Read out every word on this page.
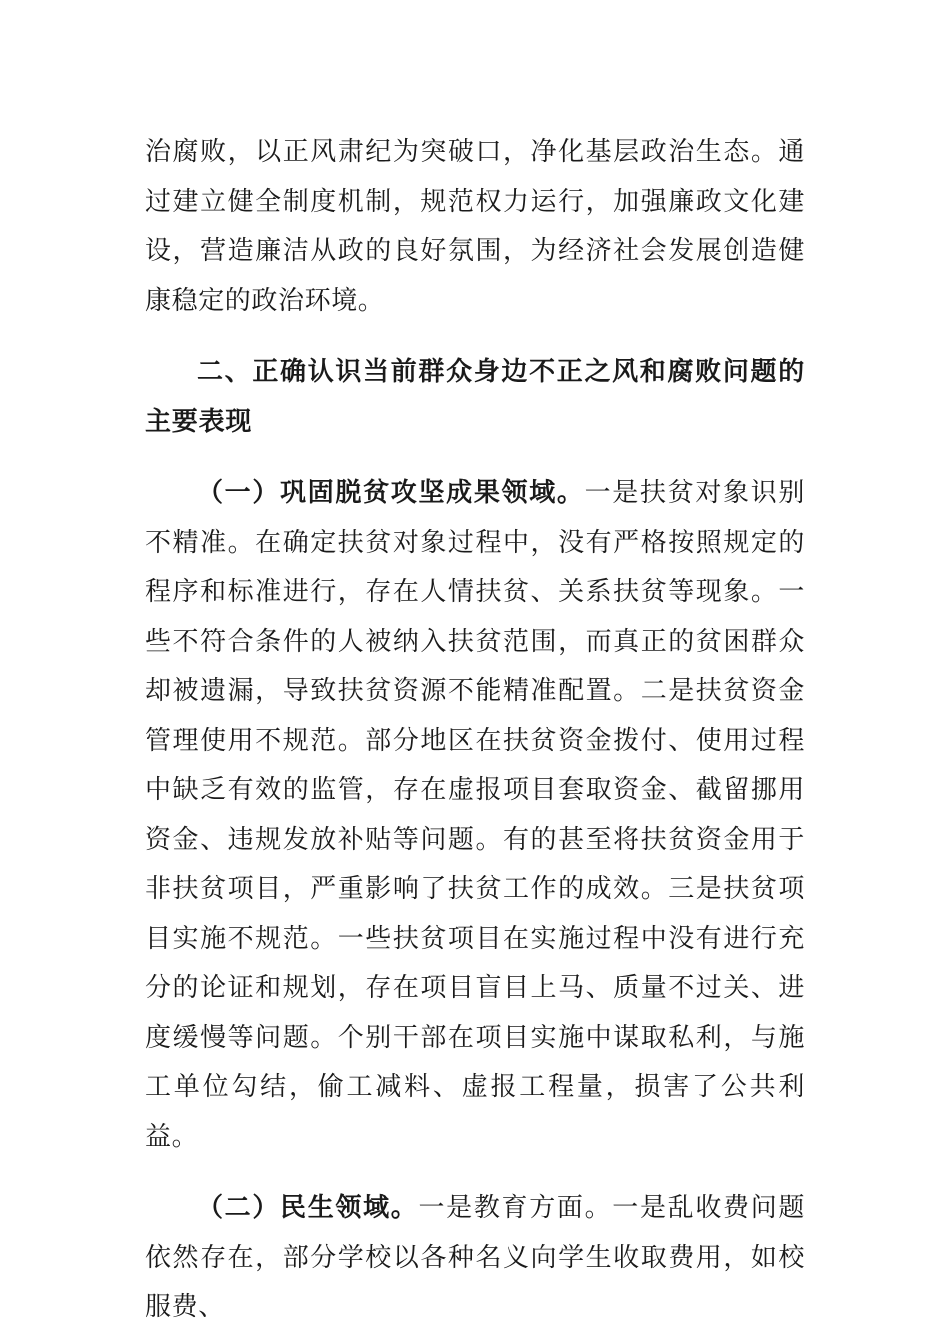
治腐败，以正风肃纪为突破口，净化基层政治生态。通过建立健全制度机制，规范权力运行，加强廉政文化建设，营造廉洁从政的良好氛围，为经济社会发展创造健康稳定的政治环境。

二、正确认识当前群众身边不正之风和腐败问题的主要表现

（一）巩固脱贫攻坚成果领域。一是扶贫对象识别不精准。在确定扶贫对象过程中，没有严格按照规定的程序和标准进行，存在人情扶贫、关系扶贫等现象。一些不符合条件的人被纳入扶贫范围，而真正的贫困群众却被遗漏，导致扶贫资源不能精准配置。二是扶贫资金管理使用不规范。部分地区在扶贫资金拨付、使用过程中缺乏有效的监管，存在虚报项目套取资金、截留挪用资金、违规发放补贴等问题。有的甚至将扶贫资金用于非扶贫项目，严重影响了扶贫工作的成效。三是扶贫项目实施不规范。一些扶贫项目在实施过程中没有进行充分的论证和规划，存在项目盲目上马、质量不过关、进度缓慢等问题。个别干部在项目实施中谋取私利，与施工单位勾结，偷工减料、虚报工程量，损害了公共利益。

（二）民生领域。一是教育方面。一是乱收费问题依然存在，部分学校以各种名义向学生收取费用，如校服费、
